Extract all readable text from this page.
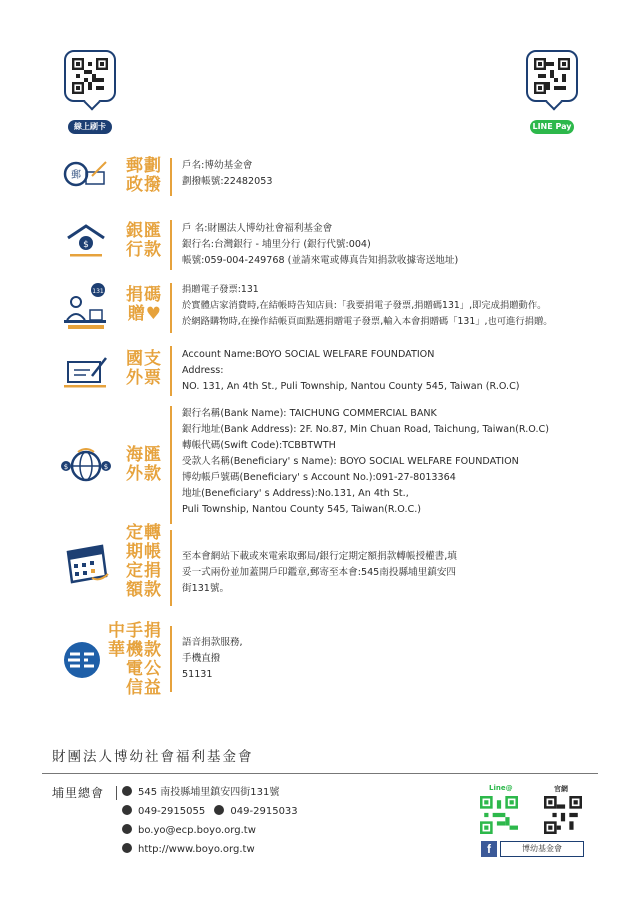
線上刷卡	LINE Pay
郵	郵劃
政撥
戶名:博幼基金會
劃撥帳號:22482053
$
銀匯
行款
戶 名:財團法人博幼社會福利基金會
銀行名:台灣銀行 - 埔里分行 (銀行代號:004)
帳號:059-004-249768 (並請來電或傳真告知捐款收據寄送地址)
131	捐碼
贈♥
捐贈電子發票:131
於實體店家消費時,在結帳時告知店員:「我要捐電子發票,捐贈碼131」,即完成捐贈動作。
於網路購物時,在操作結帳頁面點選捐贈電子發票,輸入本會捐贈碼「131」,也可進行捐贈。
國支
外票
Account Name:BOYO SOCIAL WELFARE FOUNDATION
Address:
NO. 131, An 4th St., Puli Township, Nantou County 545, Taiwan (R.O.C)
$	$
海匯
外款
銀行名稱(Bank Name): TAICHUNG COMMERCIAL BANK
銀行地址(Bank Address): 2F. No.87, Min Chuan Road, Taichung, Taiwan(R.O.C)
轉帳代碼(Swift Code):TCBBTWTH
受款人名稱(Beneficiary' s Name): BOYO SOCIAL WELFARE FOUNDATION
博幼帳戶號碼(Beneficiary' s Account No.):091-27-8013364
地址(Beneficiary' s Address):No.131, An 4th St.,
Puli Township, Nantou County 545, Taiwan(R.O.C.)
定轉
期帳
定捐
額款
至本會網站下載或來電索取郵局/銀行定期定額捐款轉帳授權書,填
妥一式兩份並加蓋開戶印鑑章,郵寄至本會:545南投縣埔里鎮安四
街131號。
中手捐
華機款
電公
信益
語音捐款服務,
手機直撥
51131
財團法人博幼社會福利基金會
埔里總會	545 南投縣埔里鎮安四街131號
049-2915055	049-2915033
bo.yo@ecp.boyo.org.tw
http://www.boyo.org.tw
Line@	官網
f	博幼基金會
